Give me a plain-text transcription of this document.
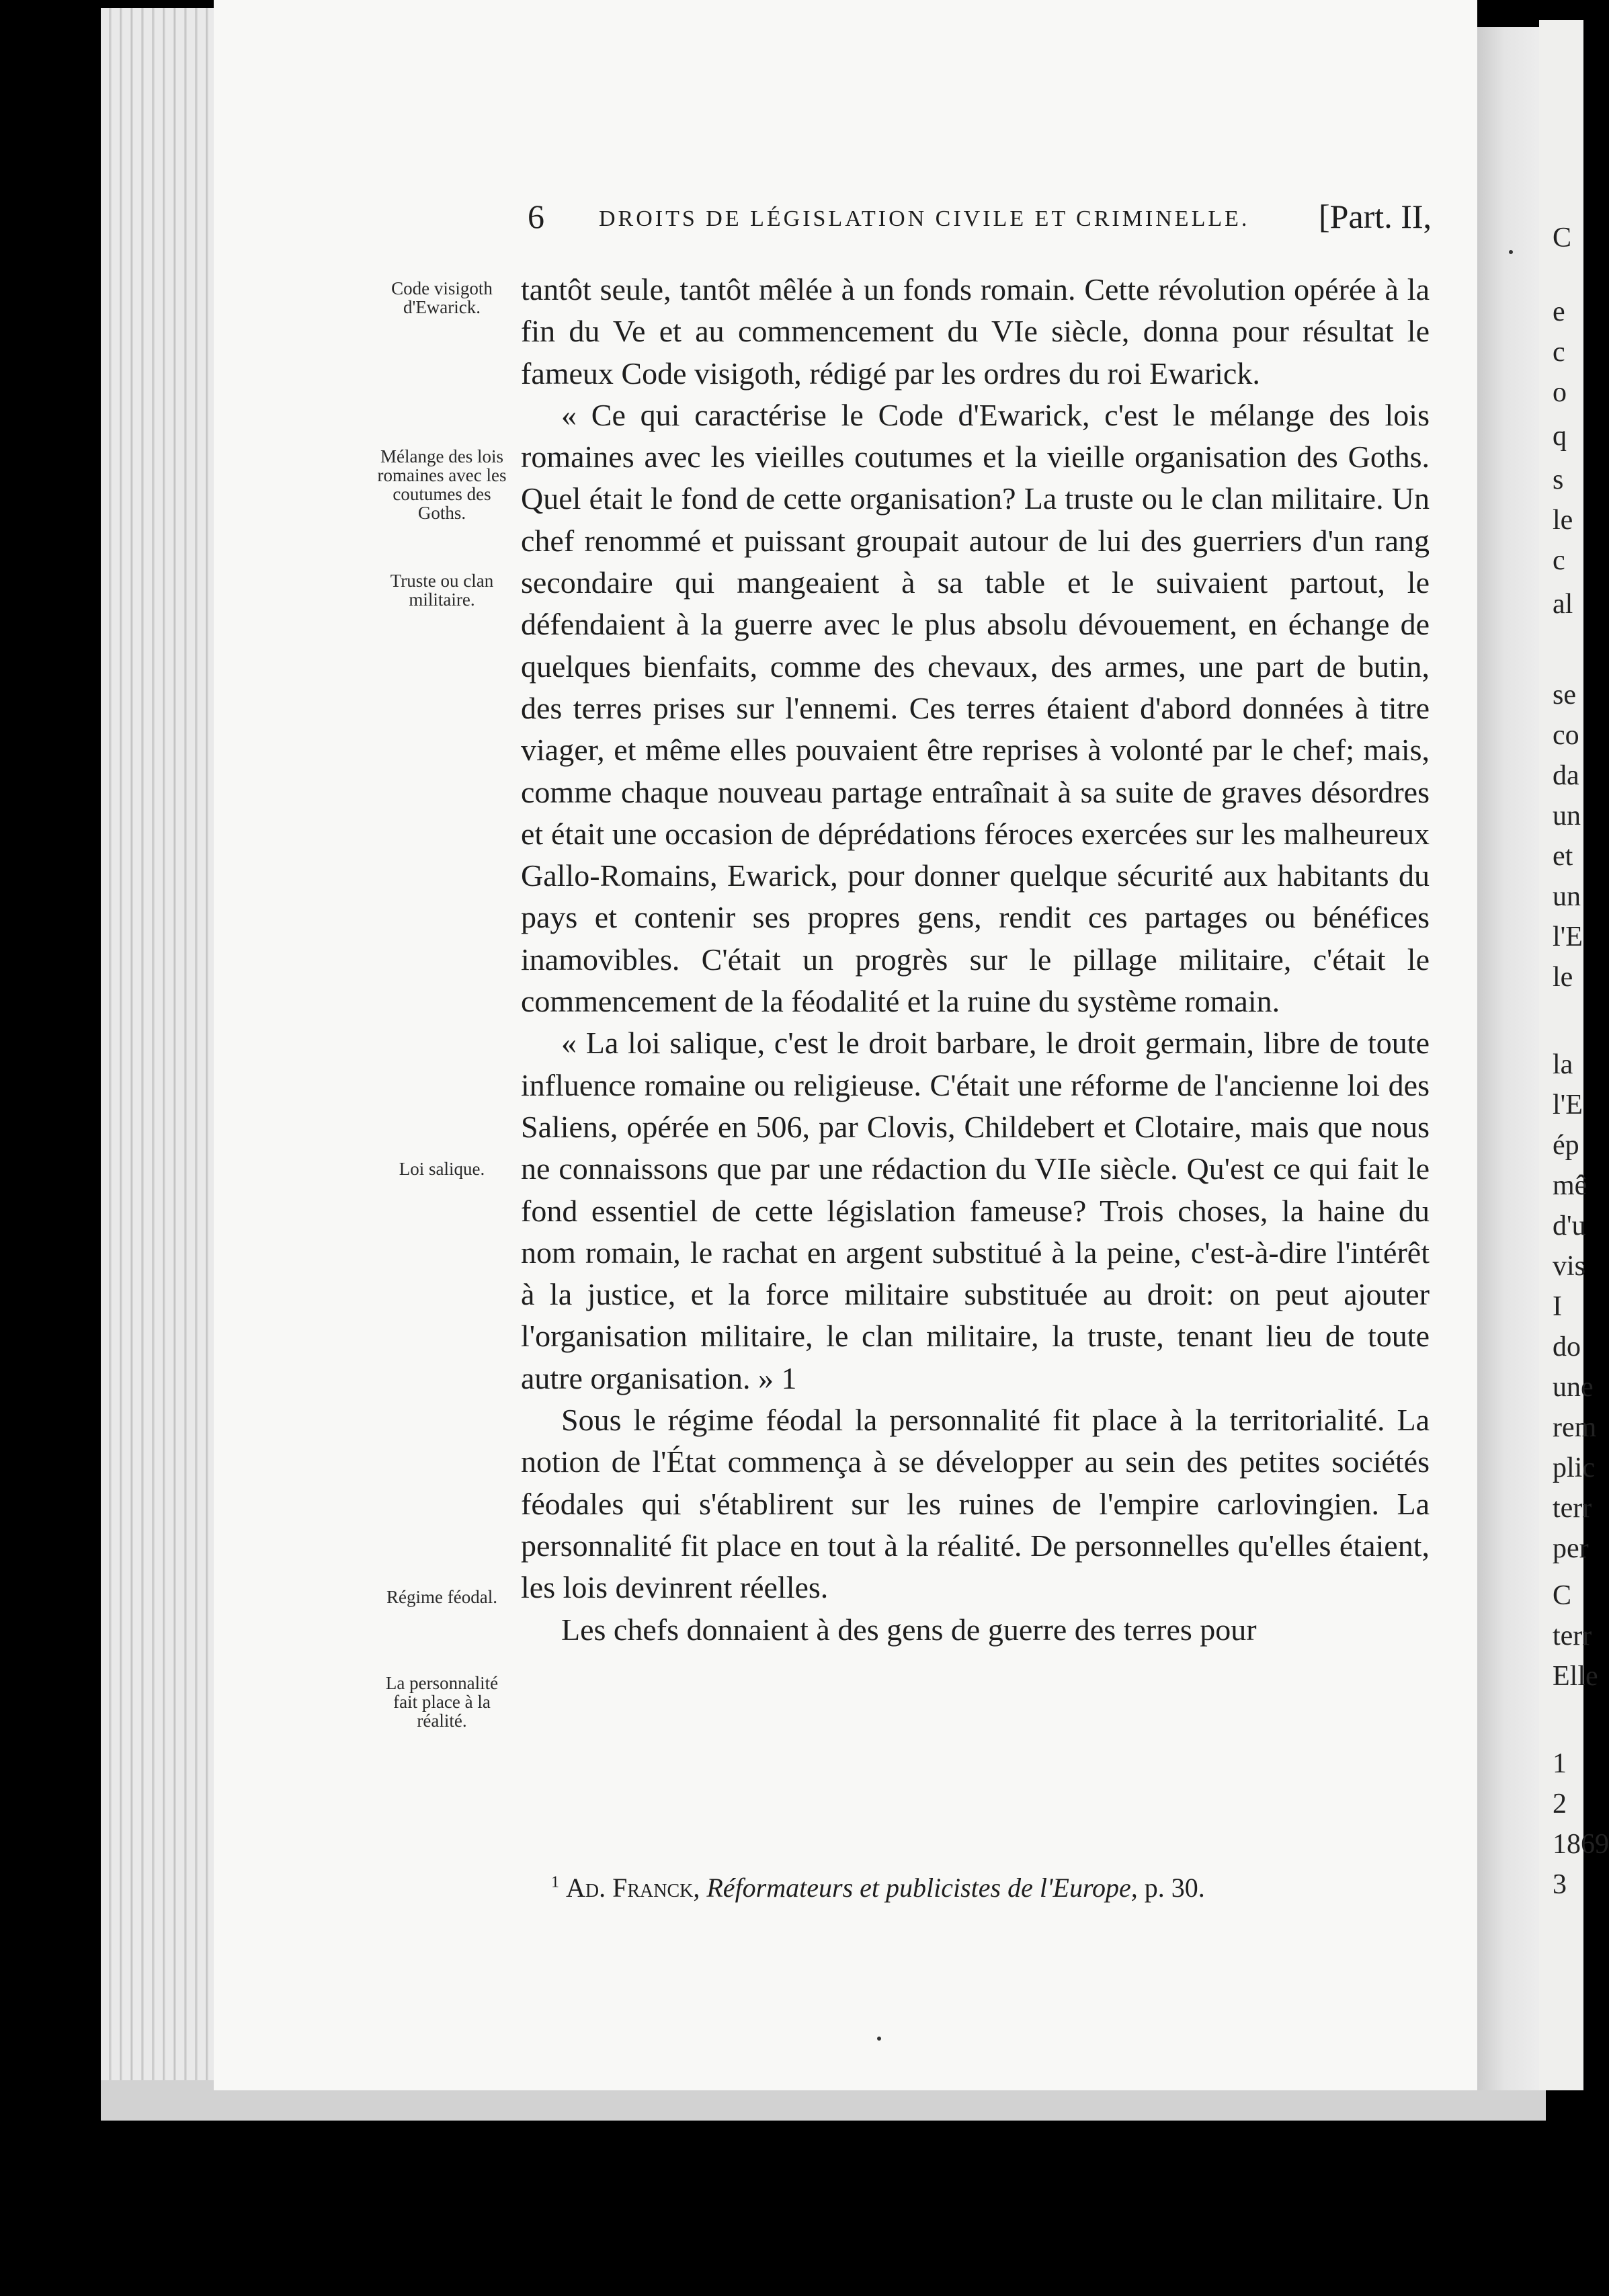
C
e
c
o
q
s
le
c
al
se
co
da
un
et
un
l'E
le
la
l'E
ép
mê
d'u
vis
I
do
une
rem
plic
terr
per
C
terr
Elle
1
2
1869
3
6 DROITS DE LÉGISLATION CIVILE ET CRIMINELLE. [Part. II,
Code visigoth d'Ewarick.
Mélange des lois romaines avec les coutumes des Goths.
Truste ou clan militaire.
Loi salique.
Régime féodal.
La personnalité fait place à la réalité.

tantôt seule, tantôt mêlée à un fonds romain. Cette révolution opérée à la fin du Ve et au commencement du VIe siècle, donna pour résultat le fameux Code visigoth, rédigé par les ordres du roi Ewarick.

« Ce qui caractérise le Code d'Ewarick, c'est le mélange des lois romaines avec les vieilles coutumes et la vieille organisation des Goths. Quel était le fond de cette organisation? La truste ou le clan militaire. Un chef renommé et puissant groupait autour de lui des guerriers d'un rang secondaire qui mangeaient à sa table et le suivaient partout, le défendaient à la guerre avec le plus absolu dévouement, en échange de quelques bienfaits, comme des chevaux, des armes, une part de butin, des terres prises sur l'ennemi. Ces terres étaient d'abord données à titre viager, et même elles pouvaient être reprises à volonté par le chef; mais, comme chaque nouveau partage entraînait à sa suite de graves désordres et était une occasion de déprédations féroces exercées sur les malheureux Gallo-Romains, Ewarick, pour donner quelque sécurité aux habitants du pays et contenir ses propres gens, rendit ces partages ou bénéfices inamovibles. C'était un progrès sur le pillage militaire, c'était le commencement de la féodalité et la ruine du système romain.

« La loi salique, c'est le droit barbare, le droit germain, libre de toute influence romaine ou religieuse. C'était une réforme de l'ancienne loi des Saliens, opérée en 506, par Clovis, Childebert et Clotaire, mais que nous ne connaissons que par une rédaction du VIIe siècle. Qu'est ce qui fait le fond essentiel de cette législation fameuse? Trois choses, la haine du nom romain, le rachat en argent substitué à la peine, c'est-à-dire l'intérêt à la justice, et la force militaire substituée au droit: on peut ajouter l'organisation militaire, le clan militaire, la truste, tenant lieu de toute autre organisation. » 1

Sous le régime féodal la personnalité fit place à la territorialité. La notion de l'État commença à se développer au sein des petites sociétés féodales qui s'établirent sur les ruines de l'empire carlovingien. La personnalité fit place en tout à la réalité. De personnelles qu'elles étaient, les lois devinrent réelles.

Les chefs donnaient à des gens de guerre des terres pour

$^1$ Ad. Franck, Réformateurs et publicistes de l'Europe, p. 30.
